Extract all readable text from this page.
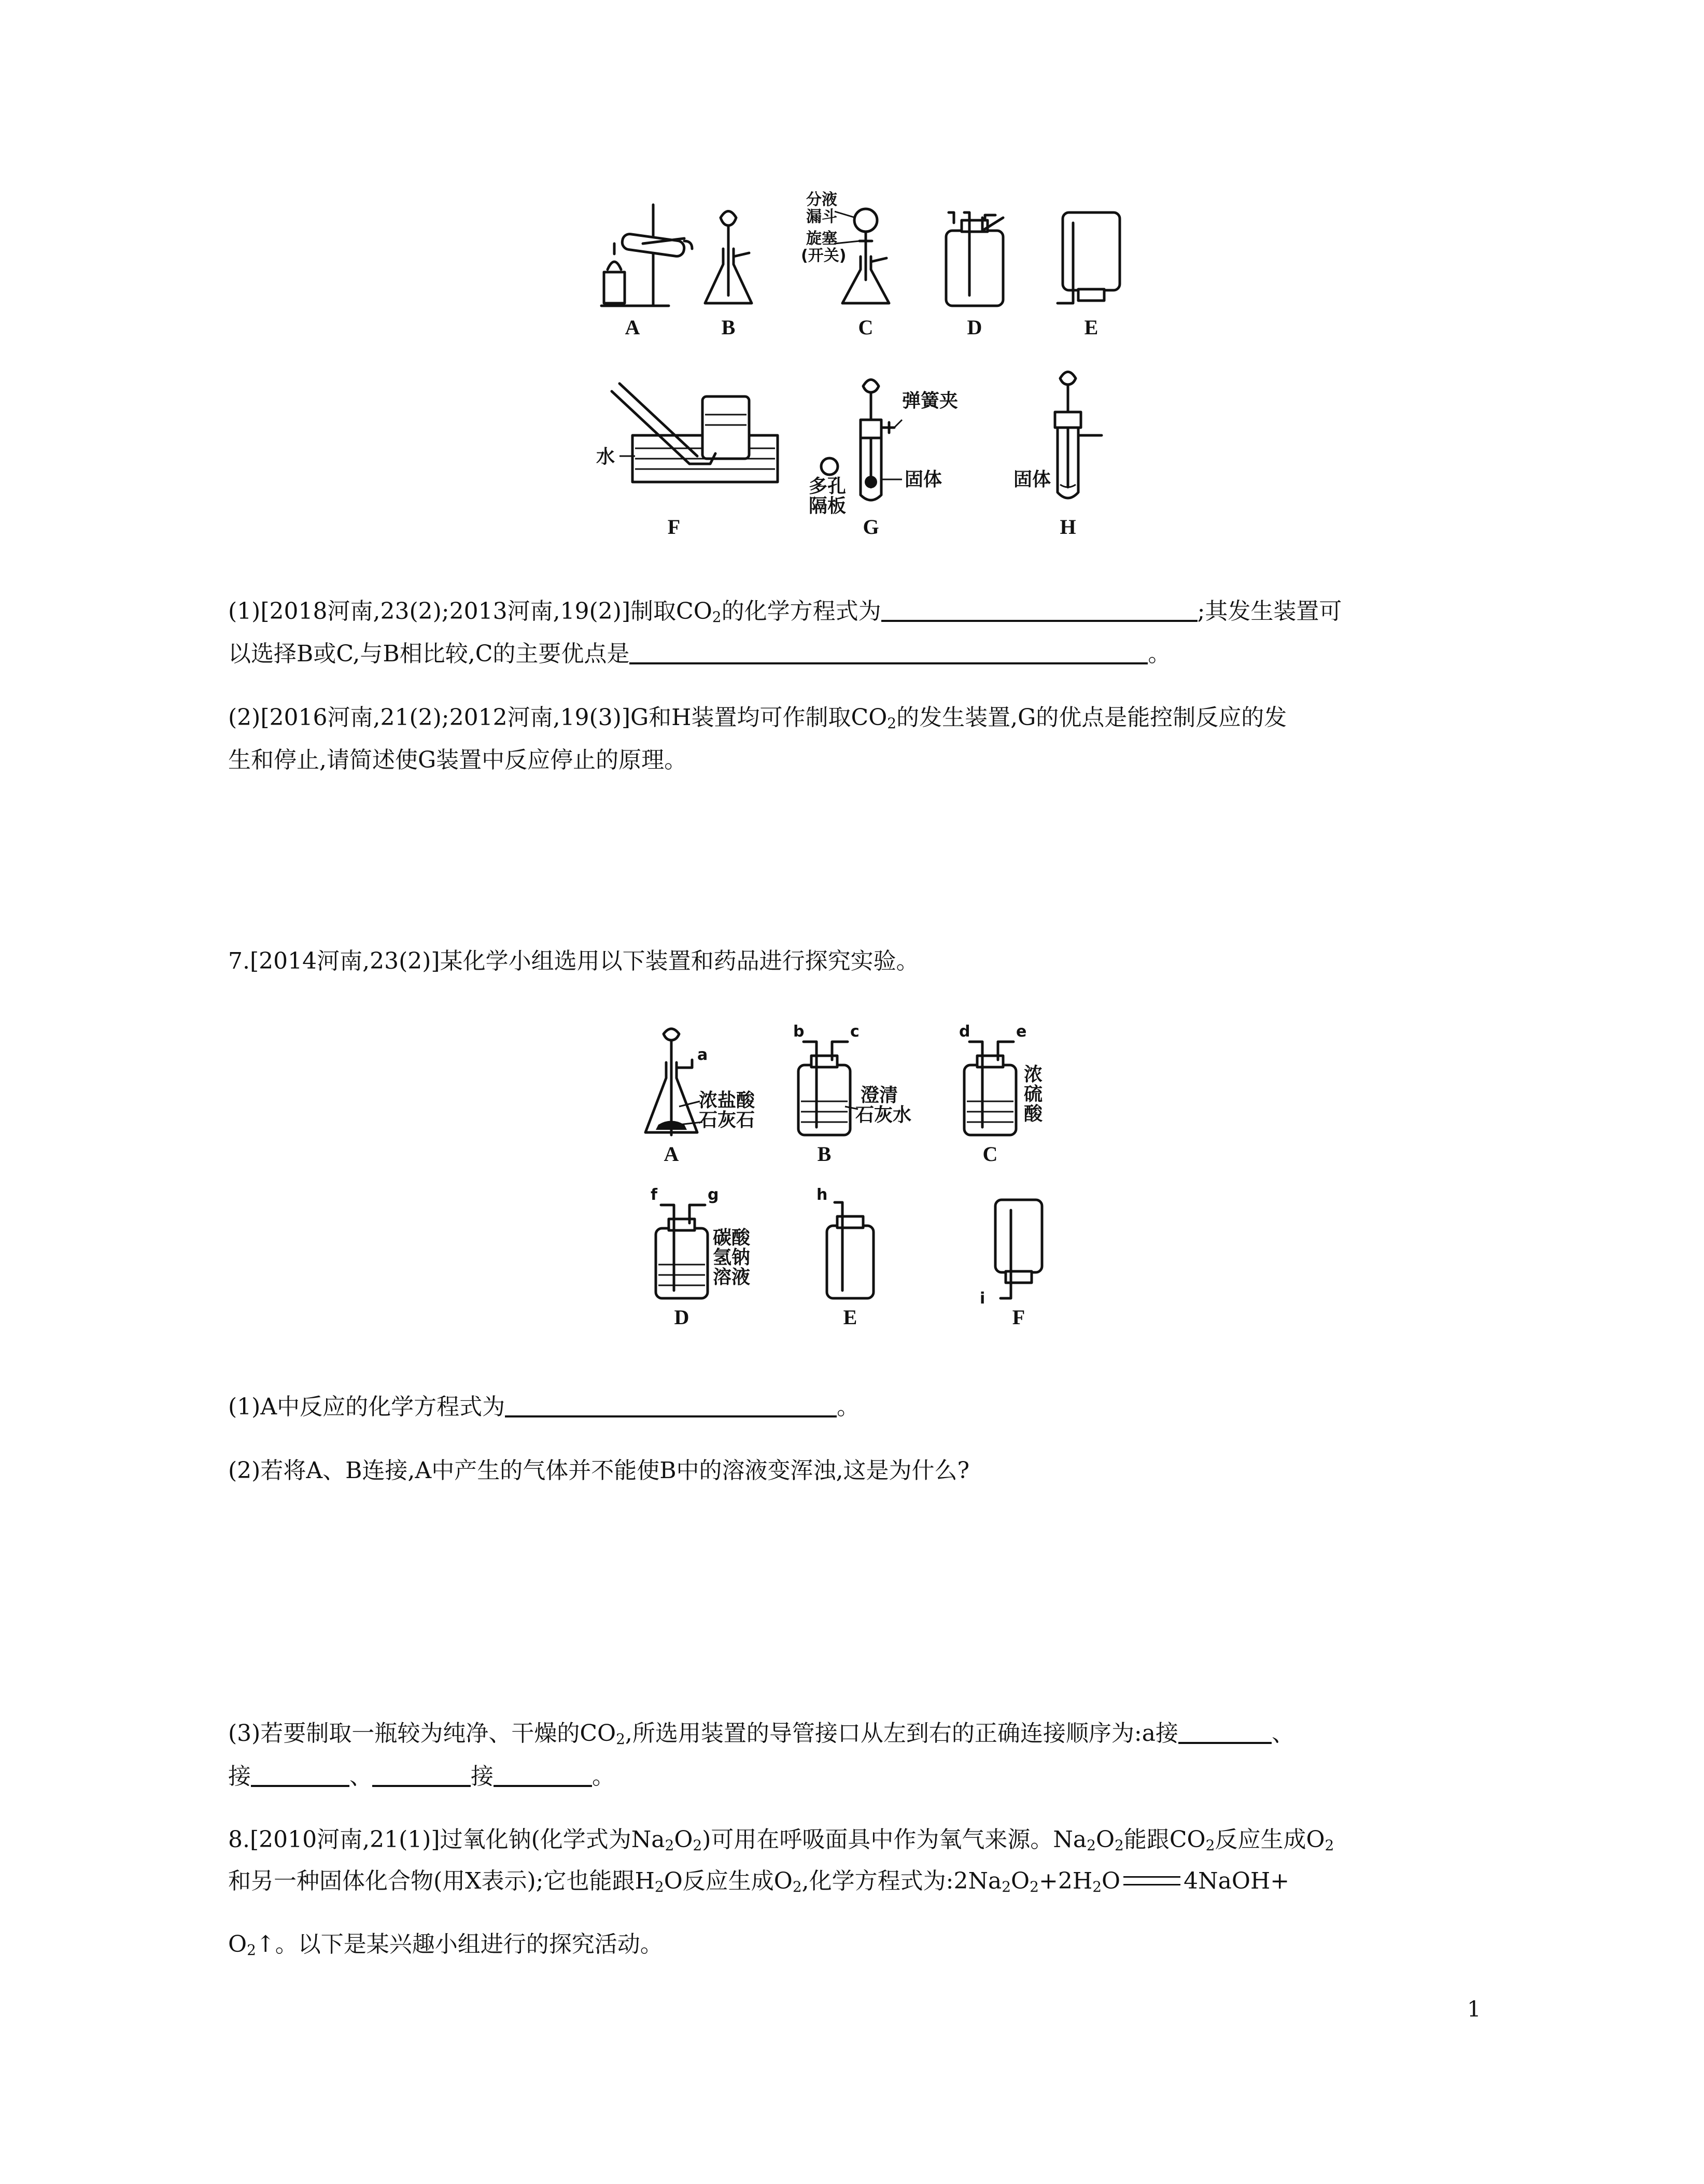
A	B
分液
漏斗
旋塞
(开关)
C	D	E
水
F
弹簧夹
固体
多孔
隔板
G
固体
H
(1)[2018河南,23(2);2013河南,19(2)]制取$CO_2$的化学方程式为	;其发生装置可
以选择B或C,与B相比较,C的主要优点是	。
(2)[2016河南,21(2);2012河南,19(3)]G和H装置均可作制取$CO_2$的发生装置,G的优点是能控制反应的发
生和停止,请简述使G装置中反应停止的原理。
7.[2014河南,23(2)]某化学小组选用以下装置和药品进行探究实验。
a
浓盐酸
石灰石
A
b	c
澄清
石灰水
B
d	e
浓
硫
酸
C
f	g
碳酸
氢钠
溶液
D
h
E
i
F
(1)A中反应的化学方程式为	。
(2)若将A、B连接,A中产生的气体并不能使B中的溶液变浑浊,这是为什么?
(3)若要制取一瓶较为纯净、干燥的$CO_2$,所选用装置的导管接口从左到右的正确连接顺序为:a接	、
接	、	接	。
8.[2010河南,21(1)]过氧化钠(化学式为$Na_2O_2$)可用在呼吸面具中作为氧气来源。$Na_2O_2$能跟$CO_2$反应生成$O_2$
和另一种固体化合物(用X表示);它也能跟$H_2O$反应生成$O_2$,化学方程式为$:2Na_2O_2+2H_2O$	4NaOH+
$O_2↑$。以下是某兴趣小组进行的探究活动。
1
